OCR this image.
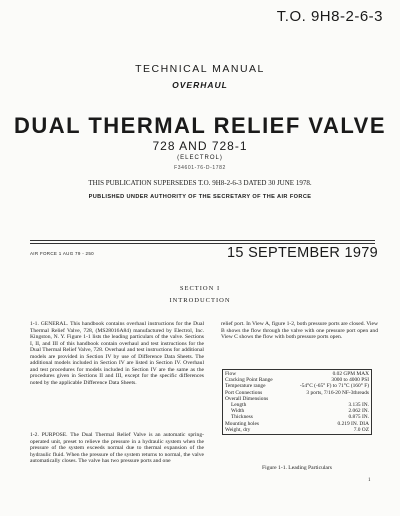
T.O. 9H8-2-6-3
TECHNICAL MANUAL
OVERHAUL
DUAL THERMAL RELIEF VALVE
728 AND 728-1
(ELECTROL)
F34601-76-D-1782
THIS PUBLICATION SUPERSEDES T.O. 9H8-2-6-3 DATED 30 JUNE 1978.
PUBLISHED UNDER AUTHORITY OF THE SECRETARY OF THE AIR FORCE
AIR FORCE 1 AUG 79 - 250	15 SEPTEMBER 1979
SECTION I
INTRODUCTION

1-1. GENERAL. This handbook contains overhaul instructions for the Dual Thermal Relief Valve, 728, (MS28016A84) manufactured by Electrol, Inc. Kingston, N. Y. Figure 1-1 lists the leading particulars of the valve. Sections I, II, and III of this handbook contain overhaul and test instructions for the Dual Thermal Relief Valve, 728. Overhaul and test instructions for additional models are provided in Section IV by use of Difference Data Sheets. The additional models included in Section IV are listed in Section IV. Overhaul and test procedures for models included in Section IV are the same as the procedures given in Sections II and III, except for the specific differences noted by the applicable Difference Data Sheets.

1-2. PURPOSE. The Dual Thermal Relief Valve is an automatic spring-operated unit, preset to relieve the pressure in a hydraulic system when the pressure of the system exceeds normal due to thermal expansion of the hydraulic fluid. When the pressure of the system returns to normal, the valve automatically closes. The valve has two pressure ports and one

relief port. In View A, figure 1-2, both pressure ports are closed. View B shows the flow through the valve with one pressure port open and View C shows the flow with both pressure ports open.

Flow	0.02 GPM MAX
Cracking Point Range	3000 to 4000 PSI
Temperature range	-54°C (-65° F) to 71°C (160° F)
Port Connections	3 ports, 7/16-20 NF-3threads
Overall Dimensions	
Length	3.135 IN.
Width	2.062 IN.
Thickness	0.875 IN.
Mounting holes	0.219 IN. DIA
Weight, dry	7.0 OZ
Figure 1-1. Leading Particulars
1
